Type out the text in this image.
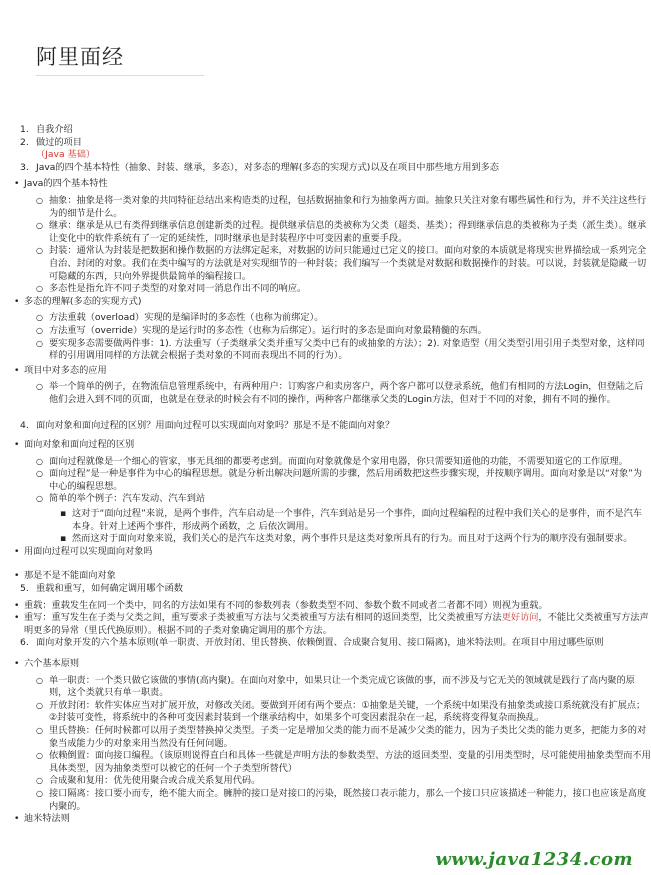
阿里面经
1. 自我介绍
2. 做过的项目
（Java 基础）
3. Java的四个基本特性（抽象、封装、继承，多态），对多态的理解(多态的实现方式)以及在项目中那些地方用到多态
• Java的四个基本特性
○ 抽象：抽象是将一类对象的共同特征总结出来构造类的过程，包括数据抽象和行为抽象两方面。抽象只关注对象有哪些属性和行为，并不关注这些行为的细节是什么。
○ 继承：继承是从已有类得到继承信息创建新类的过程。提供继承信息的类被称为父类（超类、基类）；得到继承信息的类被称为子类（派生类）。继承让变化中的软件系统有了一定的延续性，同时继承也是封装程序中可变因素的重要手段。
○ 封装：通常认为封装是把数据和操作数据的方法绑定起来，对数据的访问只能通过已定义的接口。面向对象的本质就是将现实世界描绘成一系列完全自治、封闭的对象。我们在类中编写的方法就是对实现细节的一种封装；我们编写一个类就是对数据和数据操作的封装。可以说，封装就是隐藏一切可隐藏的东西，只向外界提供最简单的编程接口。
○ 多态性是指允许不同子类型的对象对同一消息作出不同的响应。
• 多态的理解(多态的实现方式)
○ 方法重载（overload）实现的是编译时的多态性（也称为前绑定）。
○ 方法重写（override）实现的是运行时的多态性（也称为后绑定）。运行时的多态是面向对象最精髓的东西。
○ 要实现多态需要做两件事：1). 方法重写（子类继承父类并重写父类中已有的或抽象的方法）；2). 对象造型（用父类型引用引用子类型对象，这样同样的引用调用同样的方法就会根据子类对象的不同而表现出不同的行为）。
• 项目中对多态的应用
○ 举一个简单的例子，在物流信息管理系统中，有两种用户：订购客户和卖房客户，两个客户都可以登录系统，他们有相同的方法Login，但登陆之后他们会进入到不同的页面，也就是在登录的时候会有不同的操作，两种客户都继承父类的Login方法，但对于不同的对象，拥有不同的操作。
4. 面向对象和面向过程的区别？用面向过程可以实现面向对象吗？那是不是不能面向对象？
• 面向对象和面向过程的区别
○ 面向过程就像是一个细心的管家，事无具细的都要考虑到。而面向对象就像是个家用电器，你只需要知道他的功能，不需要知道它的工作原理。
○ 面向过程”是一种是事件为中心的编程思想。就是分析出解决问题所需的步骤，然后用函数把这些步骤实现，并按顺序调用。面向对象是以“对象”为中心的编程思想。
○ 简单的举个例子：汽车发动、汽车到站
▪ 这对于“面向过程”来说，是两个事件，汽车启动是一个事件，汽车到站是另一个事件，面向过程编程的过程中我们关心的是事件，而不是汽车本身。针对上述两个事件，形成两个函数，之 后依次调用。
▪ 然而这对于面向对象来说，我们关心的是汽车这类对象，两个事件只是这类对象所具有的行为。而且对于这两个行为的顺序没有强制要求。
• 用面向过程可以实现面向对象吗
• 那是不是不能面向对象
5. 重载和重写，如何确定调用哪个函数
• 重载：重载发生在同一个类中，同名的方法如果有不同的参数列表（参数类型不同、参数个数不同或者二者都不同）则视为重载。
• 重写：重写发生在子类与父类之间，重写要求子类被重写方法与父类被重写方法有相同的返回类型，比父类被重写方法更好访问，不能比父类被重写方法声明更多的异常（里氏代换原则）。根据不同的子类对象确定调用的那个方法。
6. 面向对象开发的六个基本原则(单一职责、开放封闭、里氏替换、依赖倒置、合成聚合复用、接口隔离)，迪米特法则。在项目中用过哪些原则
• 六个基本原则
○ 单一职责：一个类只做它该做的事情(高内聚)。在面向对象中，如果只让一个类完成它该做的事，而不涉及与它无关的领域就是践行了高内聚的原则，这个类就只有单一职责。
○ 开放封闭：软件实体应当对扩展开放，对修改关闭。要做到开闭有两个要点：①抽象是关键，一个系统中如果没有抽象类或接口系统就没有扩展点；②封装可变性，将系统中的各种可变因素封装到一个继承结构中，如果多个可变因素混杂在一起，系统将变得复杂而换乱。
○ 里氏替换：任何时候都可以用子类型替换掉父类型。子类一定是增加父类的能力而不是减少父类的能力，因为子类比父类的能力更多，把能力多的对象当成能力少的对象来用当然没有任何问题。
○ 依赖倒置：面向接口编程。（该原则说得直白和具体一些就是声明方法的参数类型、方法的返回类型、变量的引用类型时，尽可能使用抽象类型而不用具体类型，因为抽象类型可以被它的任何一个子类型所替代）
○ 合成聚和复用：优先使用聚合或合成关系复用代码。
○ 接口隔离：接口要小而专，绝不能大而全。臃肿的接口是对接口的污染，既然接口表示能力，那么一个接口只应该描述一种能力，接口也应该是高度内聚的。
• 迪米特法则
www.java1234.com
